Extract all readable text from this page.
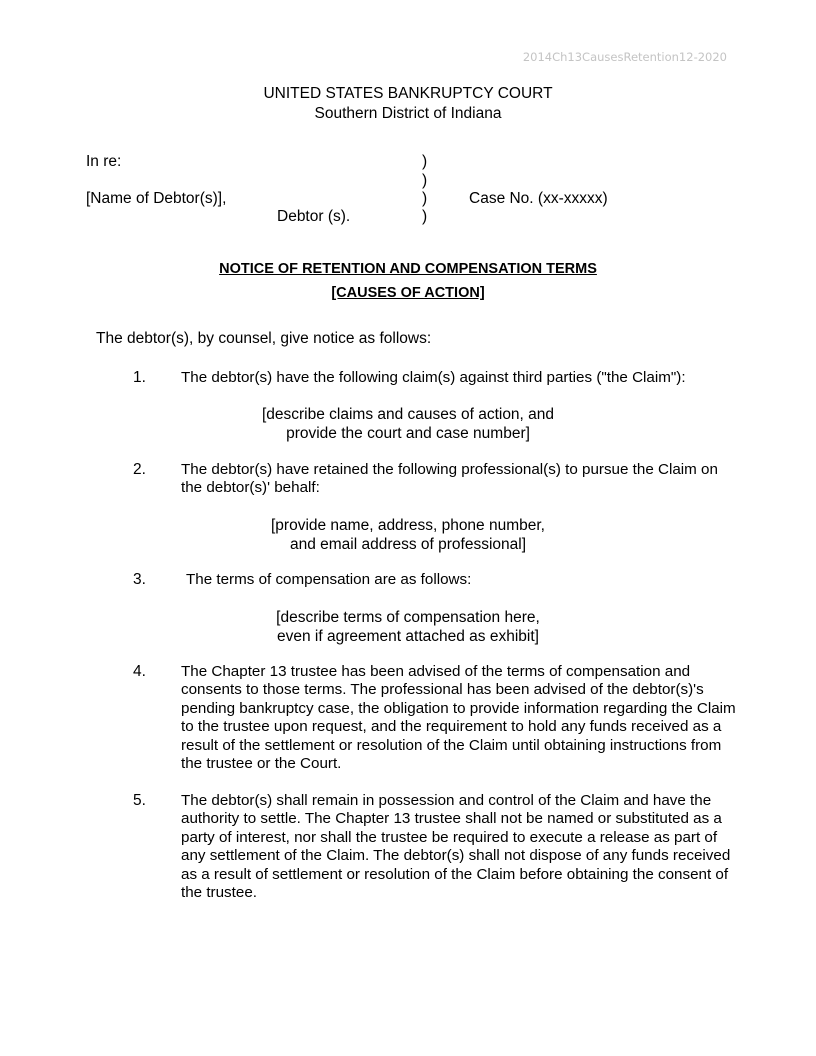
2014Ch13CausesRetention12-2020
UNITED STATES BANKRUPTCY COURT
Southern District of Indiana
In re:
[Name of Debtor(s)],
Debtor (s).
)
)
)
)
Case No. (xx-xxxxx)
NOTICE OF RETENTION AND COMPENSATION TERMS
[CAUSES OF ACTION]
The debtor(s), by counsel, give notice as follows:
1. The debtor(s) have the following claim(s) against third parties ("the Claim"):
[describe claims and causes of action, and
provide the court and case number]
2. The debtor(s) have retained the following professional(s) to pursue the Claim on the debtor(s)' behalf:
[provide name, address, phone number,
and email address of professional]
3.	The terms of compensation are as follows:
[describe terms of compensation here,
even if agreement attached as exhibit]
4. The Chapter 13 trustee has been advised of the terms of compensation and consents to those terms. The professional has been advised of the debtor(s)'s pending bankruptcy case, the obligation to provide information regarding the Claim to the trustee upon request, and the requirement to hold any funds received as a result of the settlement or resolution of the Claim until obtaining instructions from the trustee or the Court.
5. The debtor(s) shall remain in possession and control of the Claim and have the authority to settle. The Chapter 13 trustee shall not be named or substituted as a party of interest, nor shall the trustee be required to execute a release as part of any settlement of the Claim. The debtor(s) shall not dispose of any funds received as a result of settlement or resolution of the Claim before obtaining the consent of the trustee.
